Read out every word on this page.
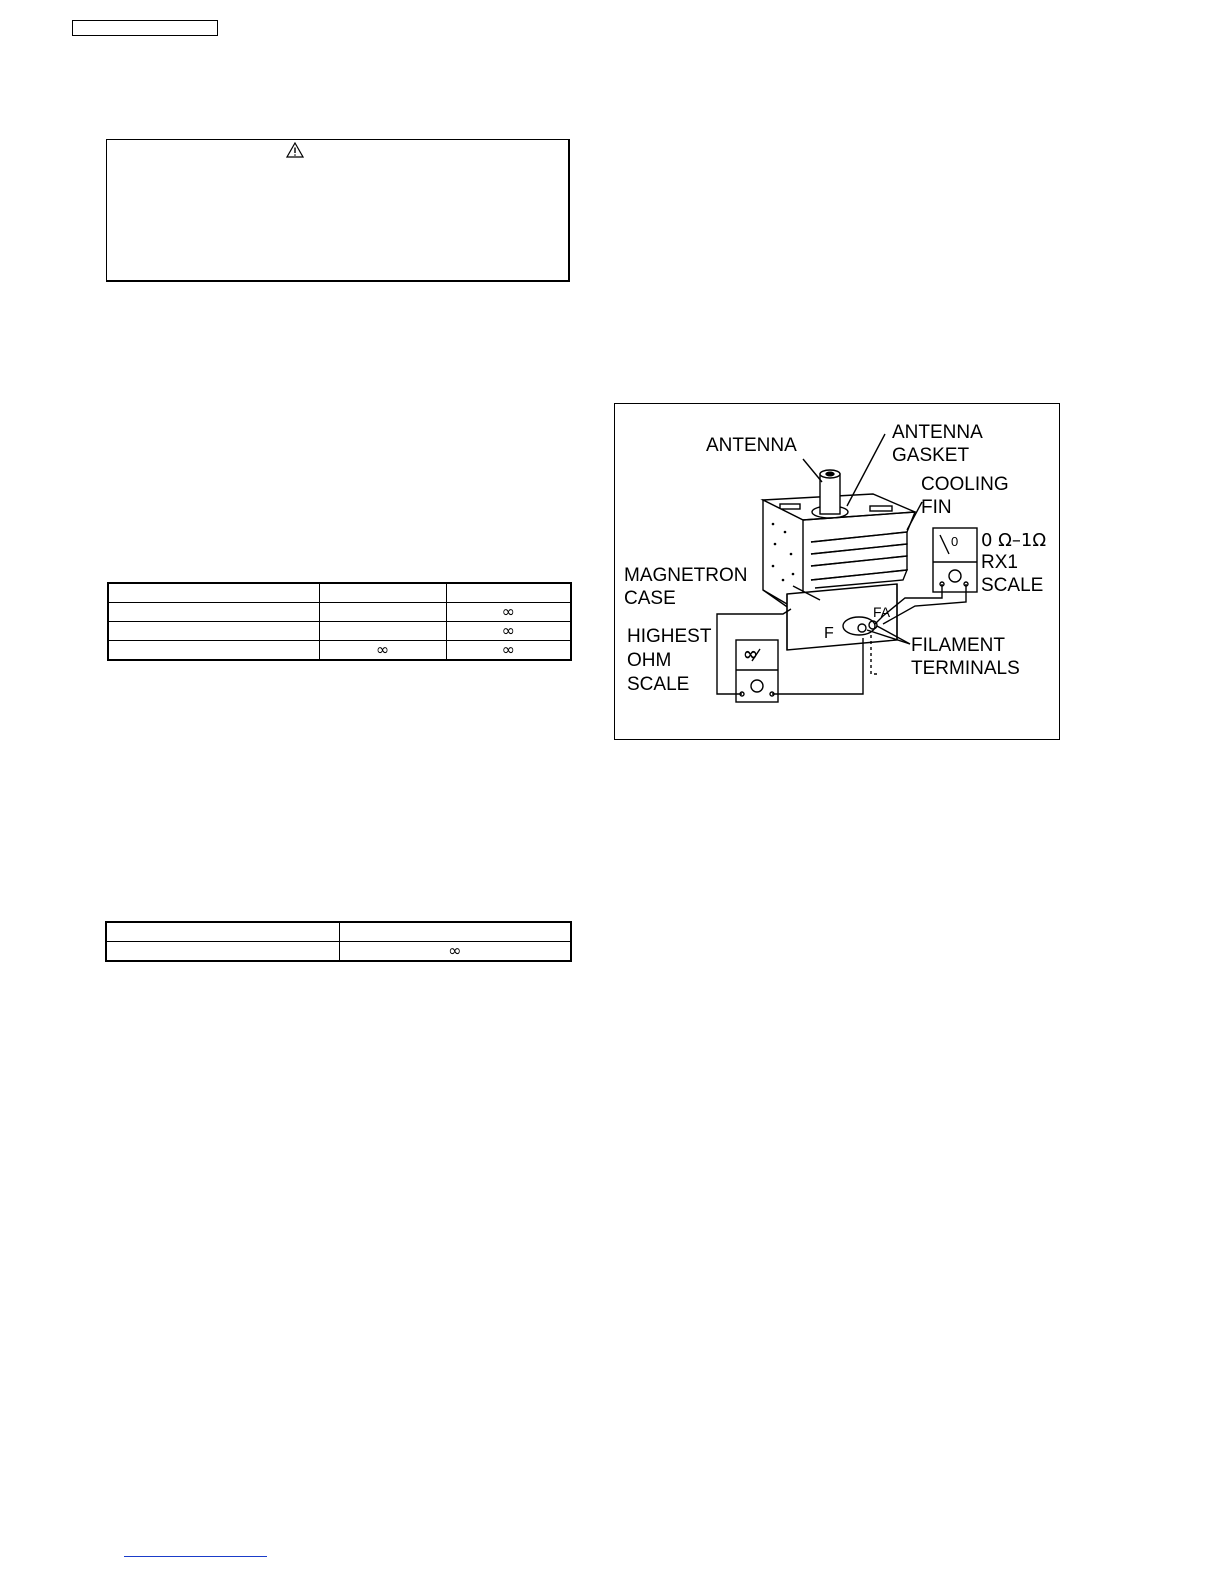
		∞
		∞
	∞	∞

	∞
ANTENNA
ANTENNA
GASKET
COOLING
FIN
MAGNETRON
CASE
HIGHEST
OHM
SCALE
0 Ω–1Ω
RX1
SCALE
FILAMENT
TERMINALS
F
FA
∞
0
